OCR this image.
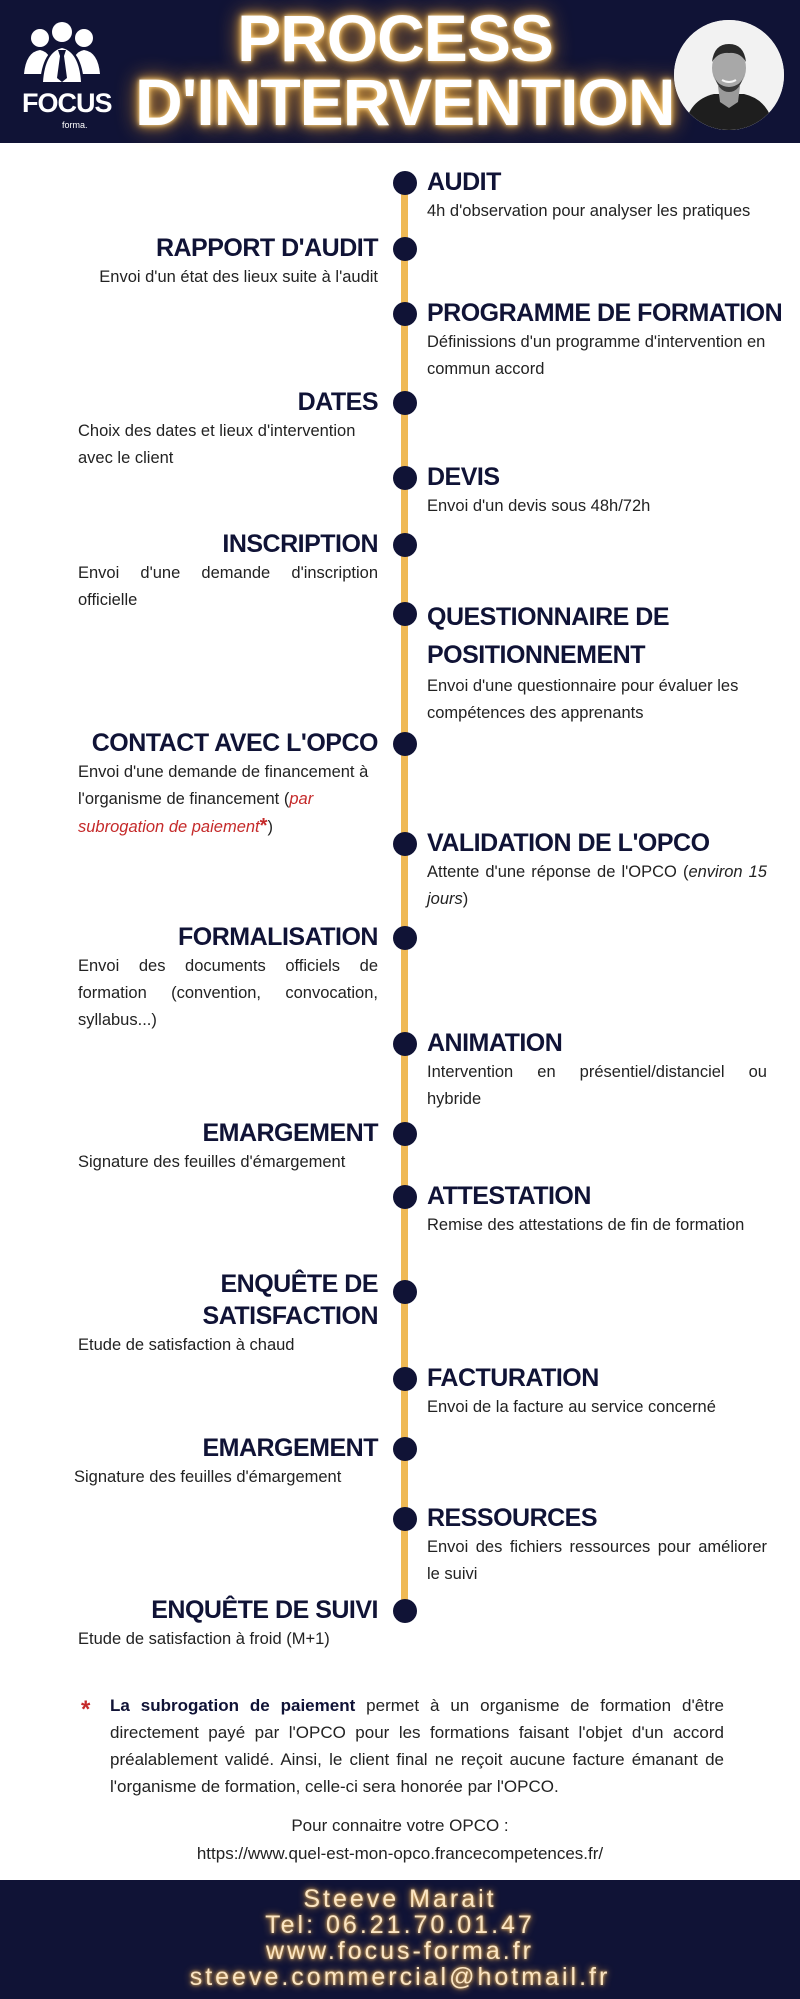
FOCUS
forma.
PROCESS
D'INTERVENTION
AUDIT
4h d'observation pour analyser les pratiques
RAPPORT D'AUDIT
Envoi d'un état des lieux suite à l'audit
PROGRAMME DE FORMATION
Définissions d'un programme d'intervention en commun accord
DATES
Choix des dates et lieux d'intervention avec le client
DEVIS
Envoi d'un devis sous 48h/72h
INSCRIPTION
Envoi d'une demande d'inscription officielle
QUESTIONNAIRE DE
POSITIONNEMENT
Envoi d'une questionnaire pour évaluer les compétences des apprenants
CONTACT AVEC L'OPCO
Envoi d'une demande de financement à l'organisme de financement (par subrogation de paiement*)
VALIDATION DE L'OPCO
Attente d'une réponse de l'OPCO (environ 15 jours)
FORMALISATION
Envoi des documents officiels de formation (convention, convocation, syllabus...)
ANIMATION
Intervention en présentiel/distanciel ou hybride
EMARGEMENT
Signature des feuilles d'émargement
ATTESTATION
Remise des attestations de fin de formation
ENQUÊTE DE
SATISFACTION
Etude de satisfaction à chaud
FACTURATION
Envoi de la facture au service concerné
EMARGEMENT
Signature des feuilles d'émargement
RESSOURCES
Envoi des fichiers ressources pour améliorer le suivi
ENQUÊTE DE SUIVI
Etude de satisfaction à froid (M+1)
* La subrogation de paiement permet à un organisme de formation d'être directement payé par l'OPCO pour les formations faisant l'objet d'un accord préalablement validé. Ainsi, le client final ne reçoit aucune facture émanant de l'organisme de formation, celle-ci sera honorée par l'OPCO.
Pour connaitre votre OPCO :
https://www.quel-est-mon-opco.francecompetences.fr/
Steeve Marait
Tel: 06.21.70.01.47
www.focus-forma.fr
steeve.commercial@hotmail.fr
